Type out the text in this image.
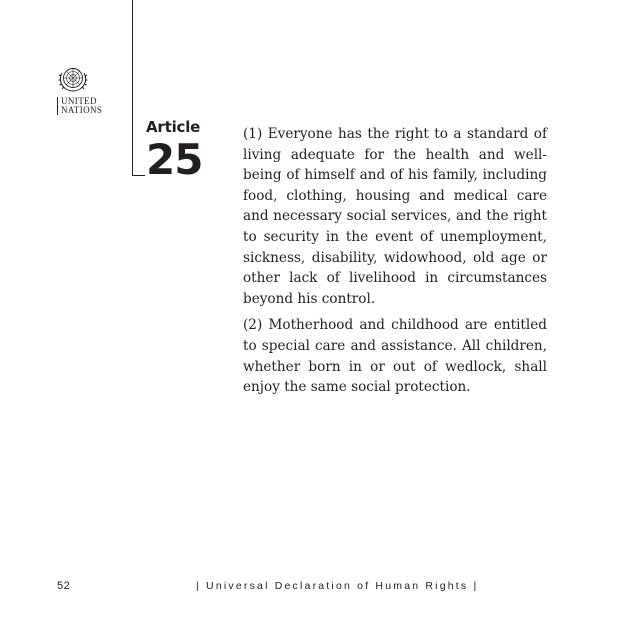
UNITED
NATIONS
Article
25

(1) Everyone has the right to a standard of living adequate for the health and well-being of himself and of his family, including food, clothing, housing and medical care and necessary social services, and the right to security in the event of unemployment, sickness, disability, widowhood, old age or other lack of livelihood in circumstances beyond his control.

(2) Motherhood and childhood are entitled to special care and assistance. All children, whether born in or out of wedlock, shall enjoy the same social protection.

52	| Universal Declaration of Human Rights |
